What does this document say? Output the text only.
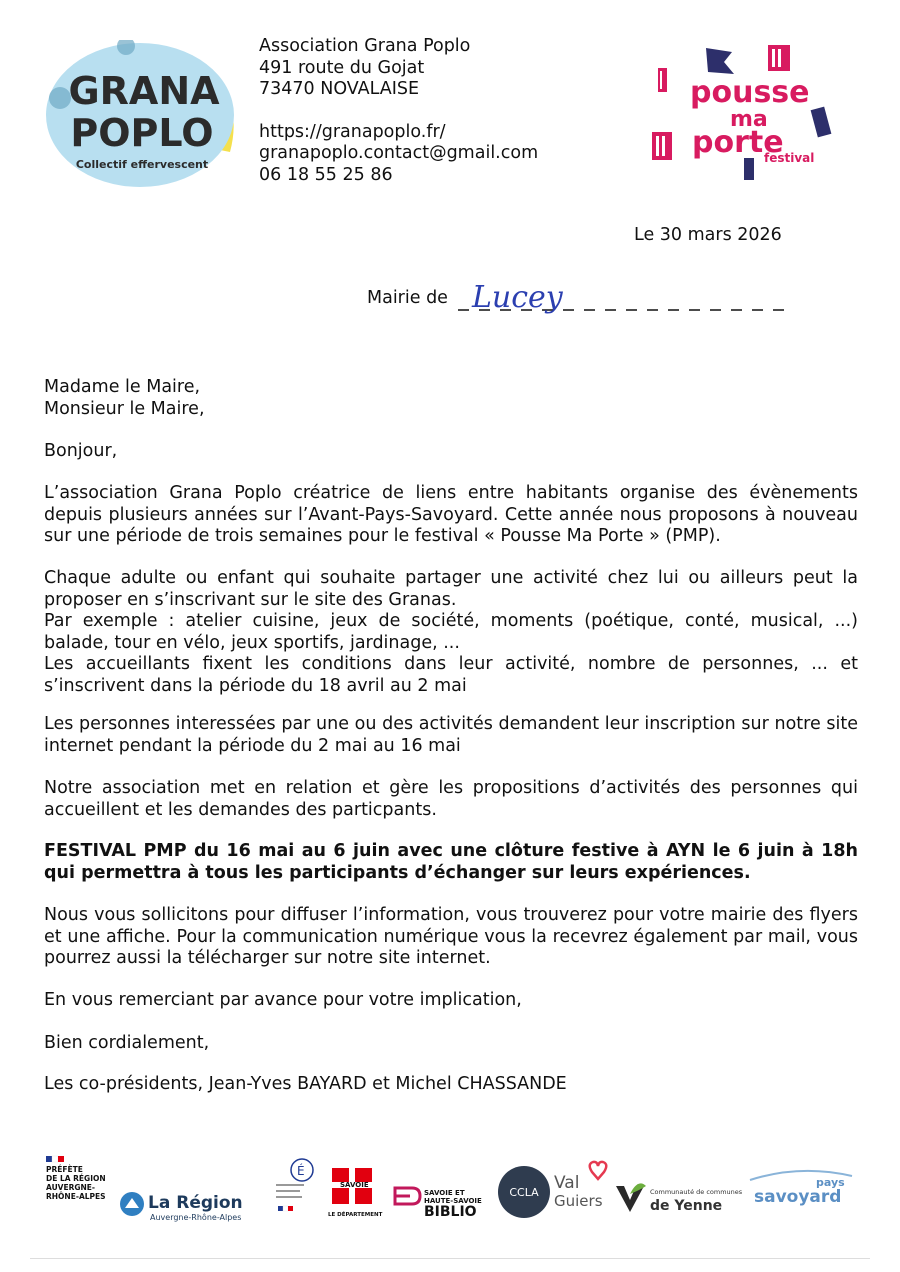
GRANA
POPLO
Collectif effervescent
Association Grana Poplo
491 route du Gojat
73470 NOVALAISE
https://granapoplo.fr/
granapoplo.contact@gmail.com
06 18 55 25 86
pousse
ma
porte
festival
Le 30 mars 2026
Mairie de Lucey

Madame le Maire,

Monsieur le Maire,

Bonjour,
L’association Grana Poplo créatrice de liens entre habitants organise des évènements depuis plusieurs années sur l’Avant-Pays-Savoyard. Cette année nous proposons à nouveau sur une période de trois semaines pour le festival « Pousse Ma Porte » (PMP).

Chaque adulte ou enfant qui souhaite partager une activité chez lui ou ailleurs peut la proposer en s’inscrivant sur le site des Granas.

Par exemple : atelier cuisine, jeux de société, moments (poétique, conté, musical, ...) balade, tour en vélo, jeux sportifs, jardinage, ...

Les accueillants fixent les conditions dans leur activité, nombre de personnes, ... et s’inscrivent dans la période du 18 avril au 2 mai

Les personnes interessées par une ou des activités demandent leur inscription sur notre site internet pendant la période du 2 mai au 16 mai
Notre association met en relation et gère les propositions d’activités des personnes qui accueillent et les demandes des particpants.
FESTIVAL PMP du 16 mai au 6 juin avec une clôture festive à AYN le 6 juin à 18h qui permettra à tous les participants d’échanger sur leurs expériences.
Nous vous sollicitons pour diffuser l’information, vous trouverez pour votre mairie des flyers et une affiche. Pour la communication numérique vous la recevrez également par mail, vous pourrez aussi la télécharger sur notre site internet.
En vous remerciant par avance pour votre implication,
Bien cordialement,
Les co-présidents, Jean-Yves BAYARD et Michel CHASSANDE
PRÉFÈTE
DE LA RÉGION
AUVERGNE-
RHÔNE-ALPES La Région
Auvergne-Rhône-Alpes
É
SAVOIE
LE DÉPARTEMENT
SAVOIE ET
HAUTE-SAVOIE
BIBLIO
CCLA Val
Guiers	Communauté de communes
de Yenne
pays
savoyard
